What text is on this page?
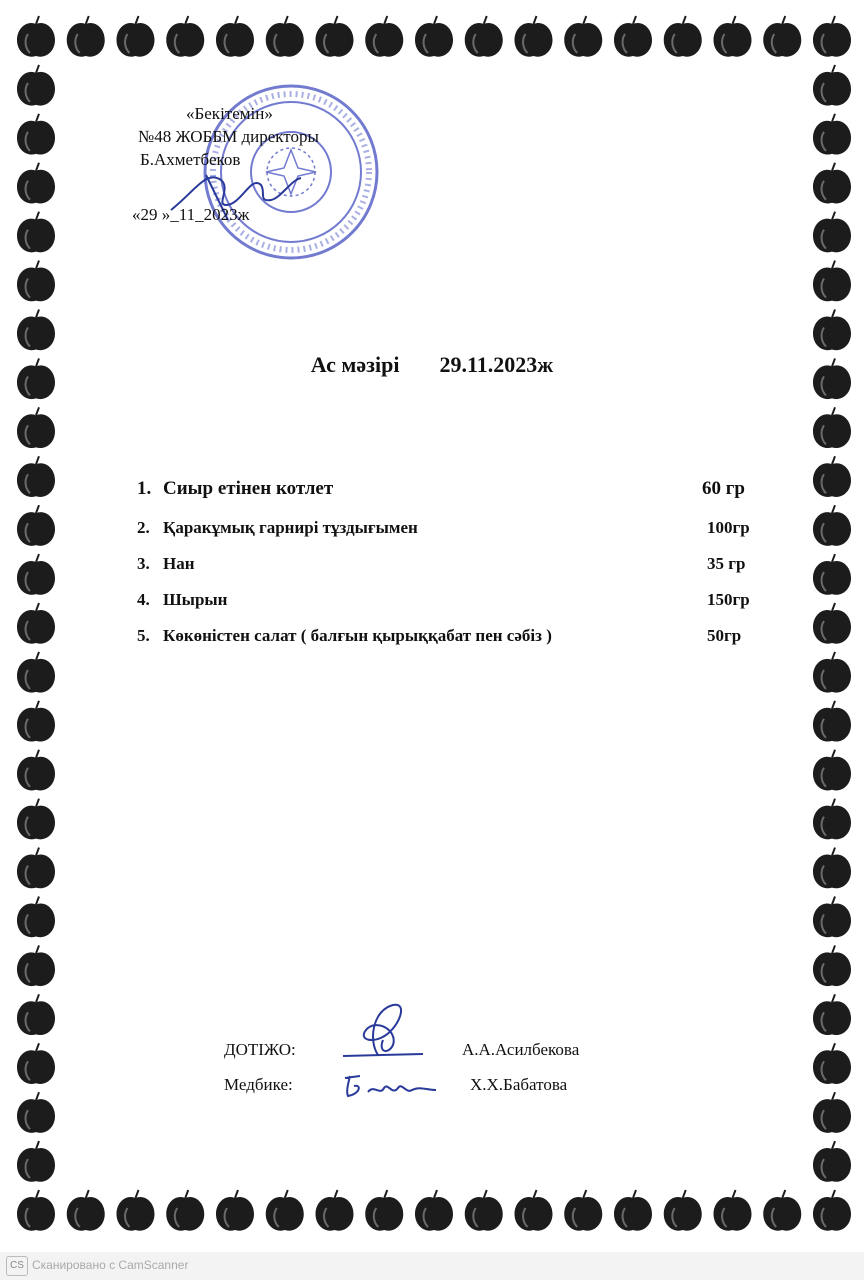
«Бекітемін»
№48 ЖОББМ директоры
Б.Ахметбеков
«29 »_11_2023ж
Ас мәзірі 29.11.2023ж
1. Сиыр етінен котлет	60 гр
2. Қаракұмық гарнирі тұздығымен	100гр
3. Нан	35 гр
4. Шырын	150гр
5. Көкөністен салат ( балғын қырыққабат пен сәбіз )	50гр
ДОТІЖО:	А.А.Асилбекова
Медбике:	Х.Х.Бабатова
CS Сканировано с CamScanner
